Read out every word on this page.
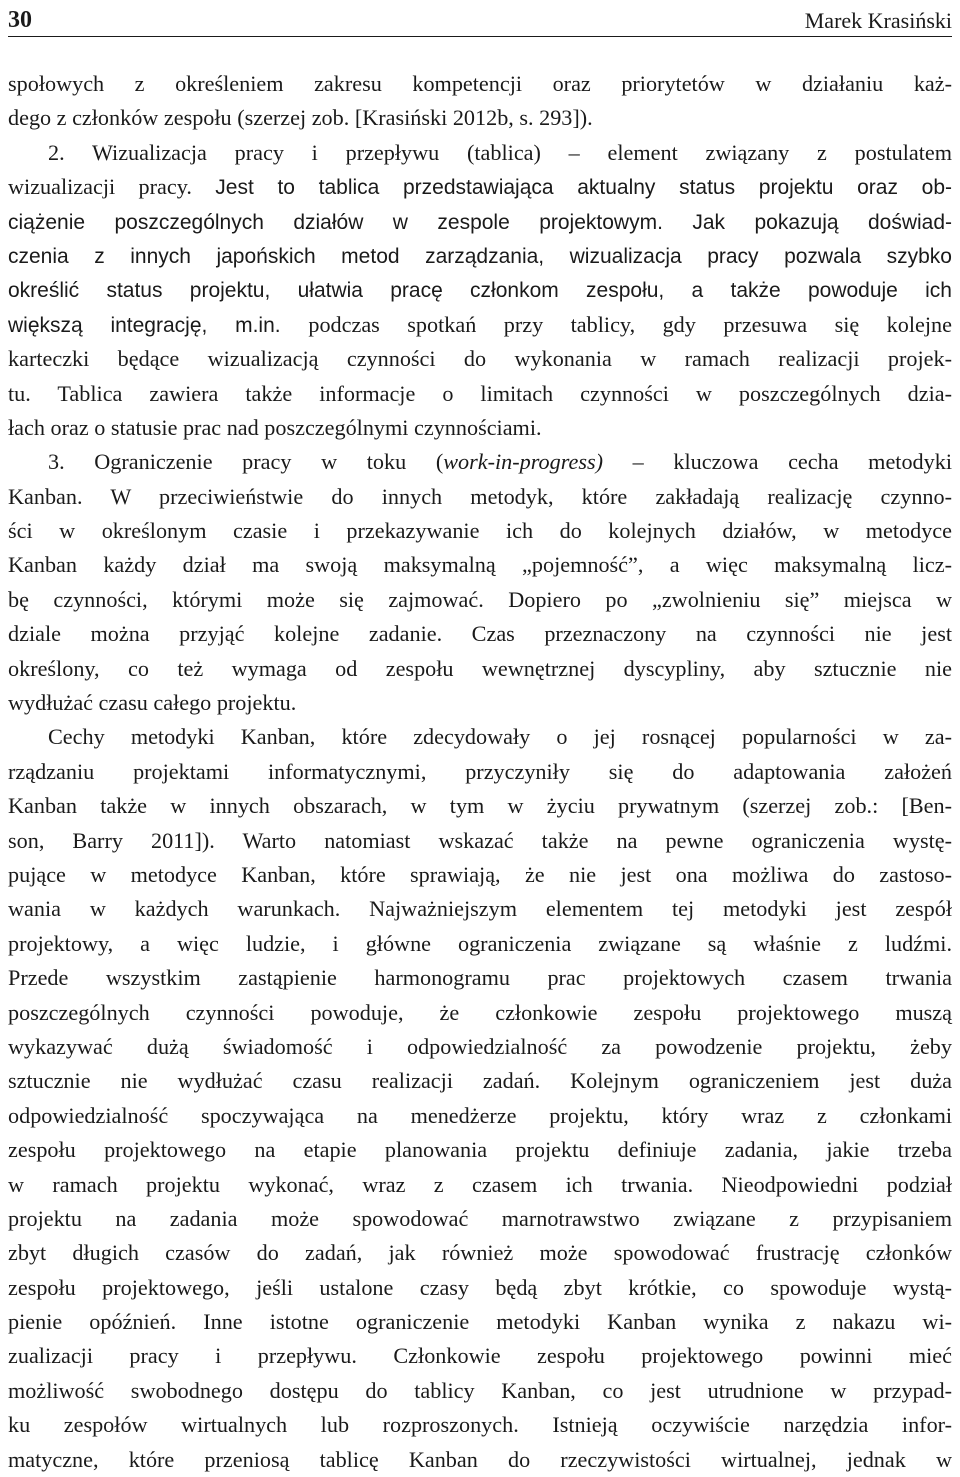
30	Marek Krasiński
społowych z określeniem zakresu kompetencji oraz priorytetów w działaniu każ-
dego z członków zespołu (szerzej zob. [Krasiński 2012b, s. 293]).
2. Wizualizacja pracy i przepływu (tablica) – element związany z postulatem
wizualizacji pracy. Jest to tablica przedstawiająca aktualny status projektu oraz ob-
ciążenie poszczególnych działów w zespole projektowym. Jak pokazują doświad-
czenia z innych japońskich metod zarządzania, wizualizacja pracy pozwala szybko
określić status projektu, ułatwia pracę członkom zespołu, a także powoduje ich
większą integrację, m.in. podczas spotkań przy tablicy, gdy przesuwa się kolejne
karteczki będące wizualizacją czynności do wykonania w ramach realizacji projek-
tu. Tablica zawiera także informacje o limitach czynności w poszczególnych dzia-
łach oraz o statusie prac nad poszczególnymi czynnościami.
3. Ograniczenie pracy w toku (work-in-progress) – kluczowa cecha metodyki
Kanban. W przeciwieństwie do innych metodyk, które zakładają realizację czynno-
ści w określonym czasie i przekazywanie ich do kolejnych działów, w metodyce
Kanban każdy dział ma swoją maksymalną „pojemność”, a więc maksymalną licz-
bę czynności, którymi może się zajmować. Dopiero po „zwolnieniu się” miejsca w
dziale można przyjąć kolejne zadanie. Czas przeznaczony na czynności nie jest
określony, co też wymaga od zespołu wewnętrznej dyscypliny, aby sztucznie nie
wydłużać czasu całego projektu.
Cechy metodyki Kanban, które zdecydowały o jej rosnącej popularności w za-
rządzaniu projektami informatycznymi, przyczyniły się do adaptowania założeń
Kanban także w innych obszarach, w tym w życiu prywatnym (szerzej zob.: [Ben-
son, Barry 2011]). Warto natomiast wskazać także na pewne ograniczenia wystę-
pujące w metodyce Kanban, które sprawiają, że nie jest ona możliwa do zastoso-
wania w każdych warunkach. Najważniejszym elementem tej metodyki jest zespół
projektowy, a więc ludzie, i główne ograniczenia związane są właśnie z ludźmi.
Przede wszystkim zastąpienie harmonogramu prac projektowych czasem trwania
poszczególnych czynności powoduje, że członkowie zespołu projektowego muszą
wykazywać dużą świadomość i odpowiedzialność za powodzenie projektu, żeby
sztucznie nie wydłużać czasu realizacji zadań. Kolejnym ograniczeniem jest duża
odpowiedzialność spoczywająca na menedżerze projektu, który wraz z członkami
zespołu projektowego na etapie planowania projektu definiuje zadania, jakie trzeba
w ramach projektu wykonać, wraz z czasem ich trwania. Nieodpowiedni podział
projektu na zadania może spowodować marnotrawstwo związane z przypisaniem
zbyt długich czasów do zadań, jak również może spowodować frustrację członków
zespołu projektowego, jeśli ustalone czasy będą zbyt krótkie, co spowoduje wystą-
pienie opóźnień. Inne istotne ograniczenie metodyki Kanban wynika z nakazu wi-
zualizacji pracy i przepływu. Członkowie zespołu projektowego powinni mieć
możliwość swobodnego dostępu do tablicy Kanban, co jest utrudnione w przypad-
ku zespołów wirtualnych lub rozproszonych. Istnieją oczywiście narzędzia infor-
matyczne, które przeniosą tablicę Kanban do rzeczywistości wirtualnej, jednak w
